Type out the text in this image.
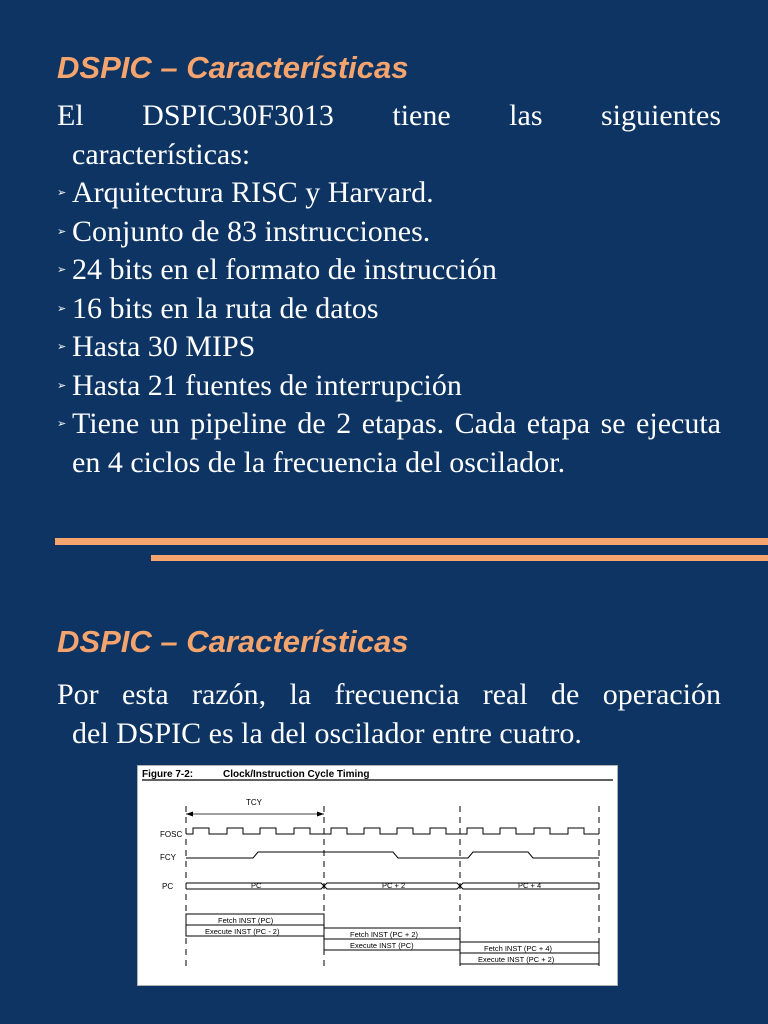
DSPIC – Características
El DSPIC30F3013 tiene las siguientes
características:
➢ Arquitectura RISC y Harvard.
➢ Conjunto de 83 instrucciones.
➢ 24 bits en el formato de instrucción
➢ 16 bits en la ruta de datos
➢ Hasta 30 MIPS
➢ Hasta 21 fuentes de interrupción
➢ Tiene un pipeline de 2 etapas. Cada etapa se ejecuta en 4 ciclos de la frecuencia del oscilador.
DSPIC – Características
Por esta razón, la frecuencia real de operación
del DSPIC es la del oscilador entre cuatro.
Figure 7-2:	Clock/Instruction Cycle Timing
TCY
FOSC
FCY
PC	PC	PC + 2	PC + 4
Fetch INST (PC)
Execute INST (PC - 2)	Fetch INST (PC + 2)
Execute INST (PC)	Fetch INST (PC + 4)
Execute INST (PC + 2)
